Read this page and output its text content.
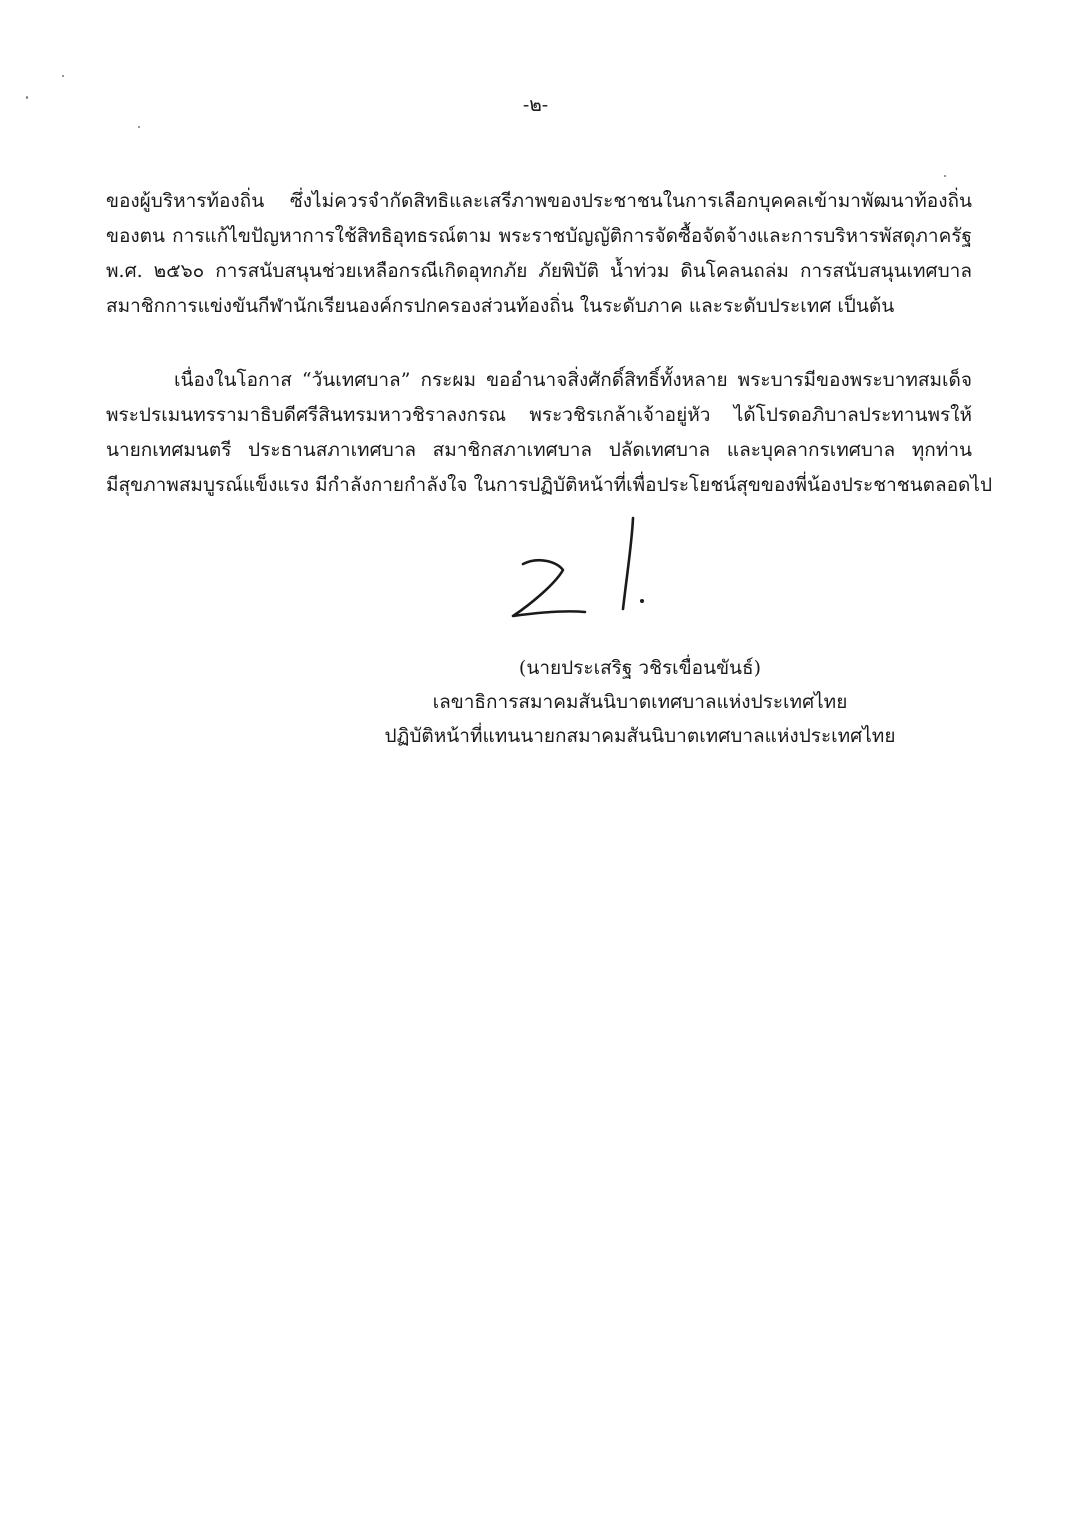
-๒-
ของผู้บริหารท้องถิ่น ซึ่งไม่ควรจำกัดสิทธิและเสรีภาพของประชาชนในการเลือกบุคคลเข้ามาพัฒนาท้องถิ่น
ของตน การแก้ไขปัญหาการใช้สิทธิอุทธรณ์ตาม พระราชบัญญัติการจัดซื้อจัดจ้างและการบริหารพัสดุภาครัฐ
พ.ศ. ๒๕๖๐ การสนับสนุนช่วยเหลือกรณีเกิดอุทกภัย ภัยพิบัติ น้ำท่วม ดินโคลนถล่ม การสนับสนุนเทศบาล
สมาชิกการแข่งขันกีฬานักเรียนองค์กรปกครองส่วนท้องถิ่น ในระดับภาค และระดับประเทศ เป็นต้น
เนื่องในโอกาส “วันเทศบาล” กระผม ขออำนาจสิ่งศักดิ์สิทธิ์ทั้งหลาย พระบารมีของพระบาทสมเด็จ
พระปรเมนทรรามาธิบดีศรีสินทรมหาวชิราลงกรณ พระวชิรเกล้าเจ้าอยู่หัว ได้โปรดอภิบาลประทานพรให้
นายกเทศมนตรี ประธานสภาเทศบาล สมาชิกสภาเทศบาล ปลัดเทศบาล และบุคลากรเทศบาล ทุกท่าน
มีสุขภาพสมบูรณ์แข็งแรง มีกำลังกายกำลังใจ ในการปฏิบัติหน้าที่เพื่อประโยชน์สุขของพี่น้องประชาชนตลอดไป
(นายประเสริฐ วชิรเขื่อนขันธ์)
เลขาธิการสมาคมสันนิบาตเทศบาลแห่งประเทศไทย
ปฏิบัติหน้าที่แทนนายกสมาคมสันนิบาตเทศบาลแห่งประเทศไทย
